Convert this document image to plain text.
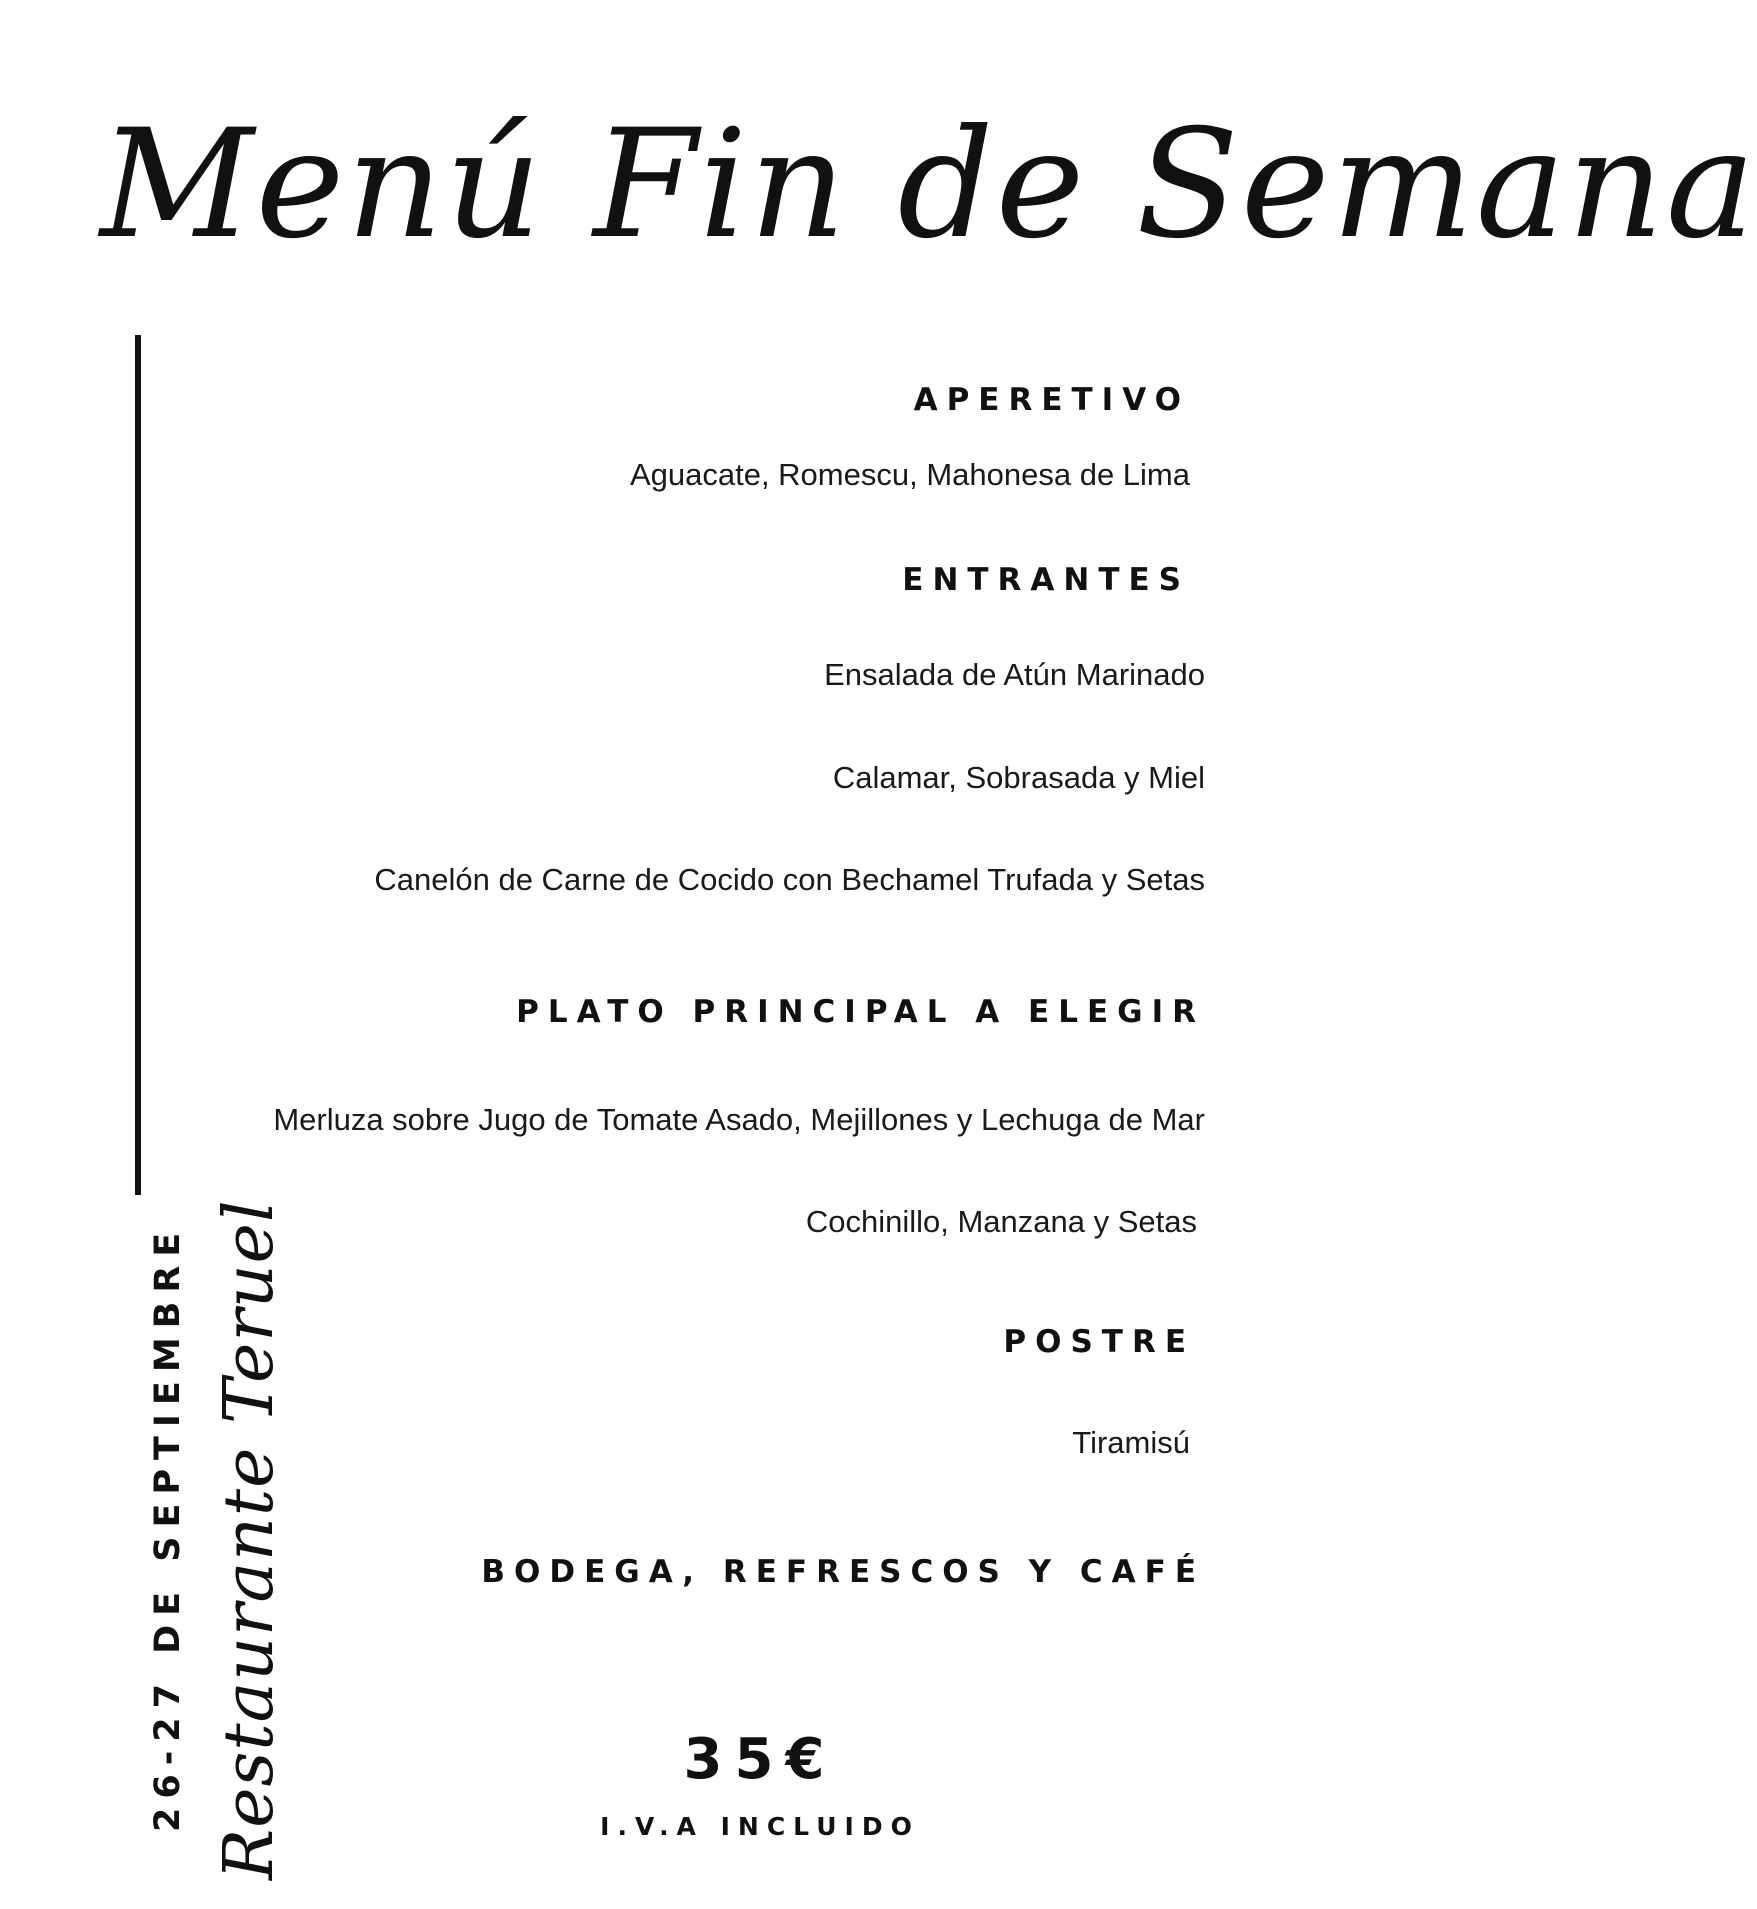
Menú Fin de Semana
26-27 DE SEPTIEMBRE Restaurante Teruel
APERETIVO
Aguacate, Romescu, Mahonesa de Lima
ENTRANTES
Ensalada de Atún Marinado
Calamar, Sobrasada y Miel
Canelón de Carne de Cocido con Bechamel Trufada y Setas
PLATO PRINCIPAL A ELEGIR
Merluza sobre Jugo de Tomate Asado, Mejillones y Lechuga de Mar
Cochinillo, Manzana y Setas
POSTRE
Tiramisú
BODEGA, REFRESCOS Y CAFÉ
35€
I.V.A INCLUIDO
